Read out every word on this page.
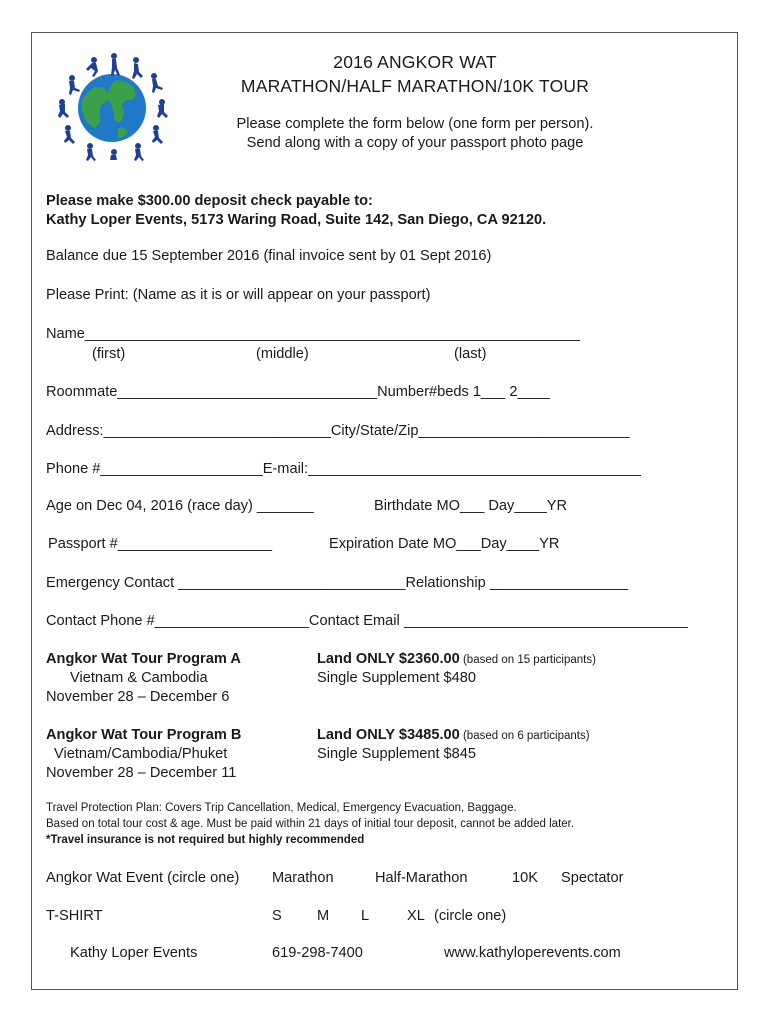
2016 ANGKOR WAT
MARATHON/HALF MARATHON/10K TOUR
Please complete the form below (one form per person).
Send along with a copy of your passport photo page
Please make $300.00 deposit check payable to:
Kathy Loper Events, 5173 Waring Road, Suite 142, San Diego, CA 92120.
Balance due 15 September 2016 (final invoice sent by 01 Sept 2016)
Please Print: (Name as it is or will appear on your passport)
Name_____________________________________________________________
(first)	(middle)	(last)
Roommate________________________________Number#beds 1___ 2____
Address:____________________________City/State/Zip__________________________
Phone #____________________E-mail:_________________________________________
Age on Dec 04, 2016 (race day) _______	Birthdate MO___ Day____YR
Passport #___________________	Expiration Date MO___Day____YR
Emergency Contact ____________________________Relationship _________________
Contact Phone #___________________Contact Email ___________________________________
Angkor Wat Tour Program A
Vietnam & Cambodia
November 28 – December 6
Land ONLY $2360.00 (based on 15 participants)
Single Supplement $480
Angkor Wat Tour Program B
Vietnam/Cambodia/Phuket
November 28 – December 11
Land ONLY $3485.00 (based on 6 participants)
Single Supplement $845
Travel Protection Plan: Covers Trip Cancellation, Medical, Emergency Evacuation, Baggage.
Based on total tour cost & age. Must be paid within 21 days of initial tour deposit, cannot be added later.
*Travel insurance is not required but highly recommended
Angkor Wat Event (circle one) Marathon	Half-Marathon	10K Spectator
T-SHIRT	S M L	XL (circle one)
Kathy Loper Events	619-298-7400	www.kathyloperevents.com
